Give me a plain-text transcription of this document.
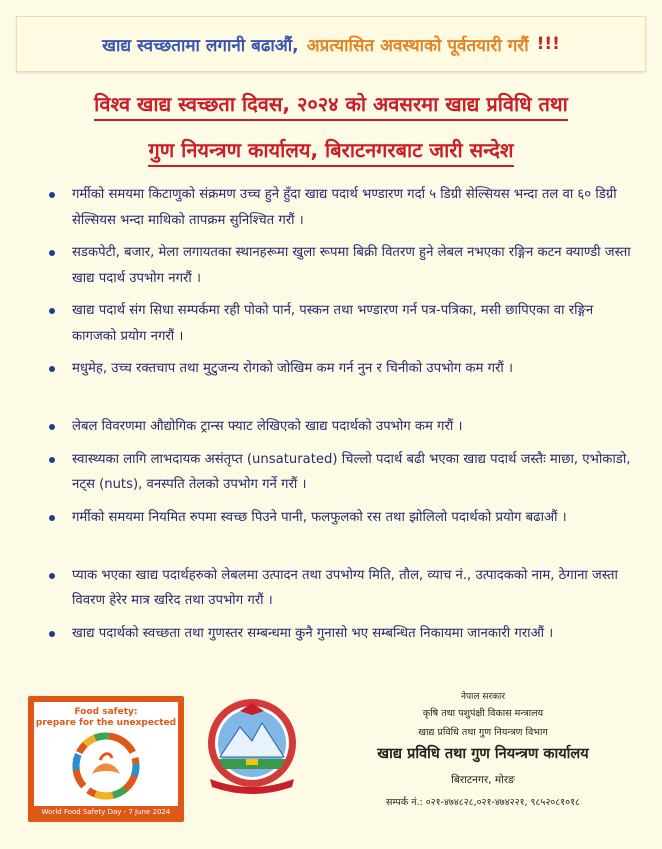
खाद्य स्वच्छतामा लगानी बढाऔं, अप्रत्यासित अवस्थाको पूर्वतयारी गरौं !!!
विश्व खाद्य स्वच्छता दिवस, २०२४ को अवसरमा खाद्य प्रविधि तथा
गुण नियन्त्रण कार्यालय, बिराटनगरबाट जारी सन्देश
गर्मीको समयमा किटाणुको संक्रमण उच्च हुने हुँदा खाद्य पदार्थ भण्डारण गर्दा ५ डिग्री सेल्सियस भन्दा तल वा ६० डिग्री सेल्सियस भन्दा माथिको तापक्रम सुनिश्चित गरौं ।
सडकपेटी, बजार, मेला लगायतका स्थानहरूमा खुला रूपमा बिक्री वितरण हुने लेबल नभएका रङ्गिन कटन क्याण्डी जस्ता खाद्य पदार्थ उपभोग नगरौं ।
खाद्य पदार्थ संग सिधा सम्पर्कमा रही पोको पार्न, पस्कन तथा भण्डारण गर्न पत्र-पत्रिका, मसी छापिएका वा रङ्गिन कागजको प्रयोग नगरौं ।
मधुमेह, उच्च रक्तचाप तथा मुटुजन्य रोगको जोखिम कम गर्न नुन र चिनीको उपभोग कम गरौं ।
लेबल विवरणमा औद्योगिक ट्रान्स फ्याट लेखिएको खाद्य पदार्थको उपभोग कम गरौं ।
स्वास्थ्यका लागि लाभदायक असंतृप्त (unsaturated) चिल्लो पदार्थ बढी भएका खाद्य पदार्थ जस्तैः माछा, एभोकाडो, नट्स (nuts), वनस्पति तेलको उपभोग गर्ने गरौं ।
गर्मीको समयमा नियमित रुपमा स्वच्छ पिउने पानी, फलफुलको रस तथा झोलिलो पदार्थको प्रयोग बढाऔं ।
प्याक भएका खाद्य पदार्थहरुको लेबलमा उत्पादन तथा उपभोग्य मिति, तौल, व्याच नं., उत्पादकको नाम, ठेगाना जस्ता विवरण हेरेर मात्र खरिद तथा उपभोग गरौं ।
खाद्य पदार्थको स्वच्छता तथा गुणस्तर सम्बन्धमा कुनै गुनासो भए सम्बन्धित निकायमा जानकारी गराऔं ।
Food safety:
prepare for the unexpected
World Food Safety Day - 7 June 2024
नेपाल सरकार
कृषि तथा पशुपंक्षी विकास मन्त्रालय
खाद्य प्रविधि तथा गुण नियन्त्रण विभाग
खाद्य प्रविधि तथा गुण नियन्त्रण कार्यालय
बिराटनगर, मोरङ
सम्पर्क नं.: ०२१-४७४८२८,०२१-४७४२२१, ९८५२०८१०१८
